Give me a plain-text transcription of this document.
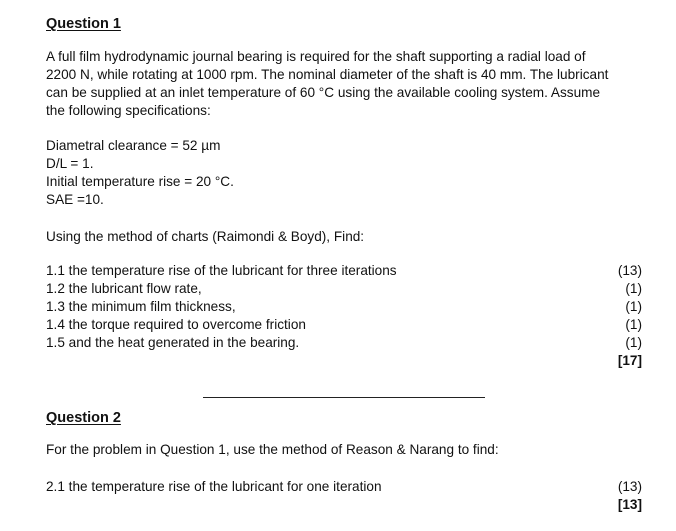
Question 1

A full film hydrodynamic journal bearing is required for the shaft supporting a radial load of

2200 N, while rotating at 1000 rpm. The nominal diameter of the shaft is 40 mm. The lubricant

can be supplied at an inlet temperature of 60 °C using the available cooling system. Assume

the following specifications:

Diametral clearance = 52 µm

D/L = 1.

Initial temperature rise = 20 °C.

SAE =10.

Using the method of charts (Raimondi & Boyd), Find:

1.1 the temperature rise of the lubricant for three iterations	(13)

1.2 the lubricant flow rate,	(1)

1.3 the minimum film thickness,	(1)

1.4 the torque required to overcome friction	(1)

1.5 and the heat generated in the bearing.	(1)

[17]

Question 2

For the problem in Question 1, use the method of Reason & Narang to find:

2.1 the temperature rise of the lubricant for one iteration	(13)

[13]
